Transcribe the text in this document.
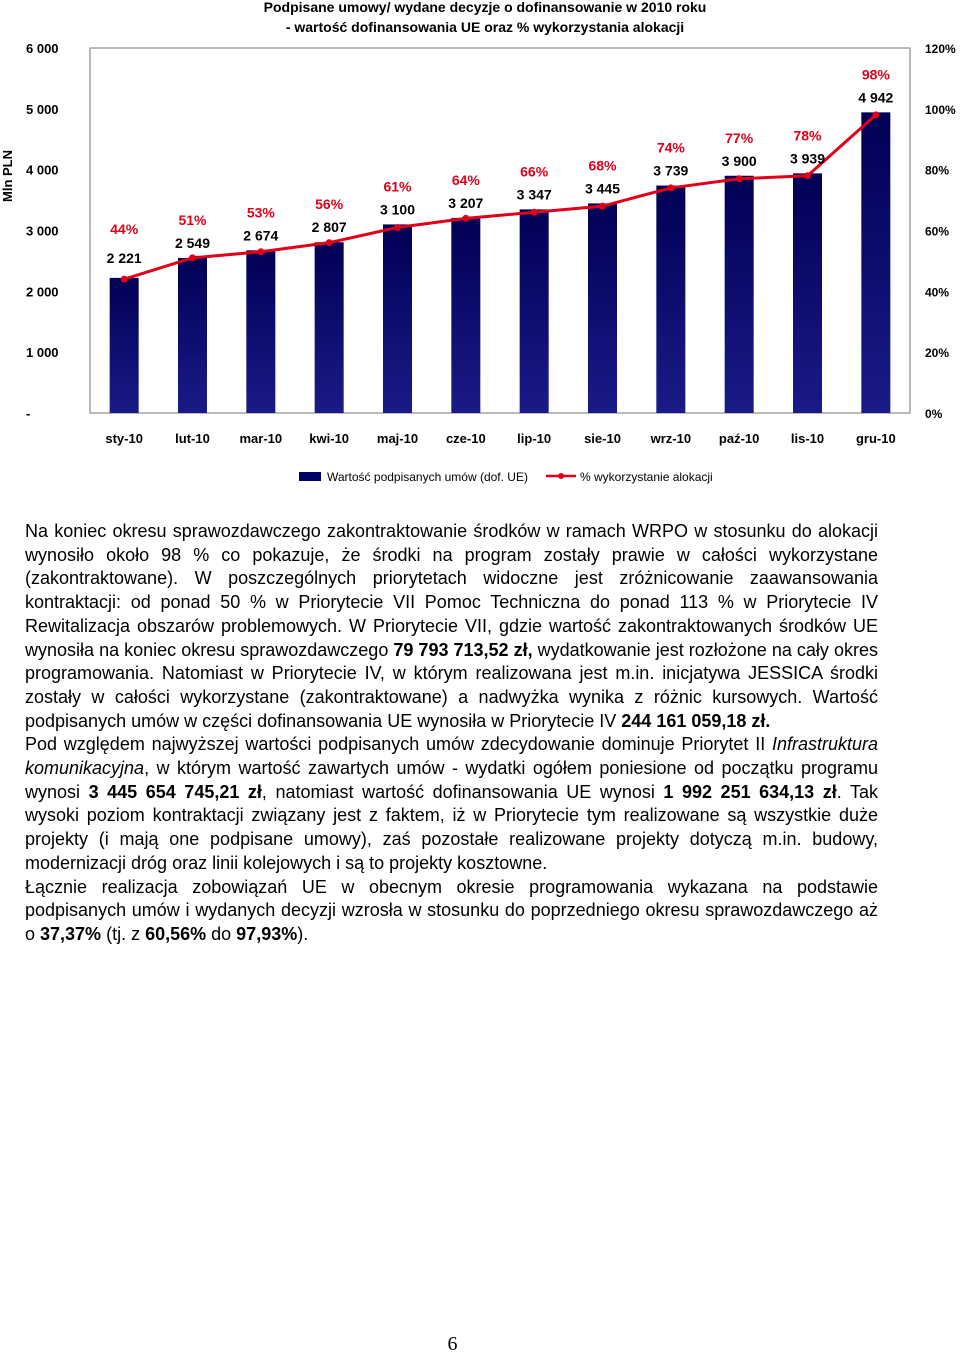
Podpisane umowy/ wydane decyzje o dofinansowanie w 2010 roku
- wartość dofinansowania UE oraz % wykorzystania alokacji
Mln PLN
-
1 000
2 000
3 000
4 000
5 000
6 000
0%
20%
40%
60%
80%
100%
120%
2 221
44%
2 549
51%
2 674
53%
2 807
56%	3 100
61%
3 207
64%
3 347
66%
3 445
68%	3 739
74%
3 900
77%
3 939
78%
4 942
98%
sty-10 lut-10 mar-10 kwi-10 maj-10 cze-10 lip-10	sie-10 wrz-10 paź-10 lis-10 gru-10
Wartość podpisanych umów (dof. UE)	% wykorzystanie alokacji

Na koniec okresu sprawozdawczego zakontraktowanie środków w ramach WRPO w stosunku do alokacji wynosiło około 98 % co pokazuje, że środki na program zostały prawie w całości wykorzystane (zakontraktowane). W poszczególnych priorytetach widoczne jest zróżnicowanie zaawansowania kontraktacji: od ponad 50 % w Priorytecie VII Pomoc Techniczna do ponad 113 % w Priorytecie IV Rewitalizacja obszarów problemowych. W Priorytecie VII, gdzie wartość zakontraktowanych środków UE wynosiła na koniec okresu sprawozdawczego 79 793 713,52 zł, wydatkowanie jest rozłożone na cały okres programowania. Natomiast w Priorytecie IV, w którym realizowana jest m.in. inicjatywa JESSICA środki zostały w całości wykorzystane (zakontraktowane) a nadwyżka wynika z różnic kursowych. Wartość podpisanych umów w części dofinansowania UE wynosiła w Priorytecie IV 244 161 059,18 zł.

Pod względem najwyższej wartości podpisanych umów zdecydowanie dominuje Priorytet II Infrastruktura komunikacyjna, w którym wartość zawartych umów - wydatki ogółem poniesione od początku programu wynosi 3 445 654 745,21 zł, natomiast wartość dofinansowania UE wynosi 1 992 251 634,13 zł. Tak wysoki poziom kontraktacji związany jest z faktem, iż w Priorytecie tym realizowane są wszystkie duże projekty (i mają one podpisane umowy), zaś pozostałe realizowane projekty dotyczą m.in. budowy, modernizacji dróg oraz linii kolejowych i są to projekty kosztowne.

Łącznie realizacja zobowiązań UE w obecnym okresie programowania wykazana na podstawie podpisanych umów i wydanych decyzji wzrosła w stosunku do poprzedniego okresu sprawozdawczego aż o 37,37% (tj. z 60,56% do 97,93%).

6
